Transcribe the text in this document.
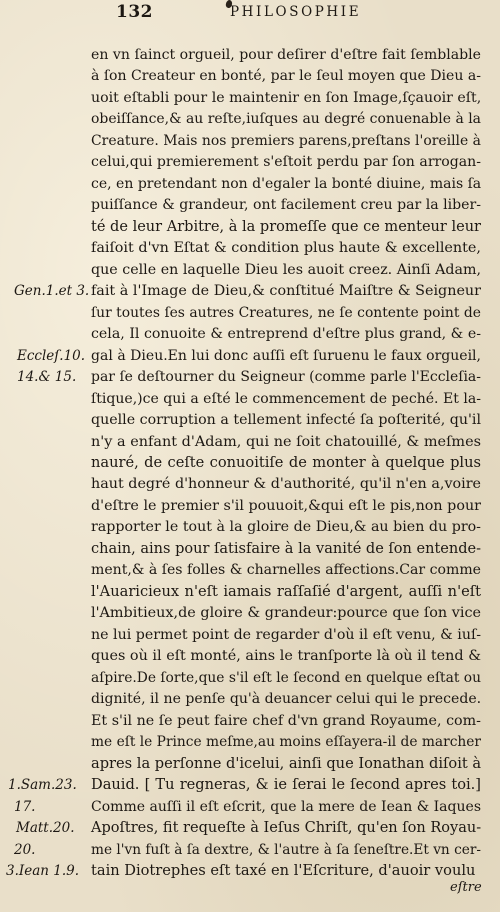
132	PHILOSOPHIE
en vn ſainct orgueil, pour deſirer d'eſtre fait ſemblable
à ſon Createur en bonté, par le ſeul moyen que Dieu a-
uoit eſtabli pour le maintenir en ſon Image,ſçauoir eſt,
obeiſſance,& au reſte,iuſques au degré conuenable à la
Creature. Mais nos premiers parens,preſtans l'oreille à
celui,qui premierement s'eſtoit perdu par ſon arrogan-
ce, en pretendant non d'egaler la bonté diuine, mais ſa
puiſſance & grandeur, ont facilement creu par la liber-
té de leur Arbitre, à la promeſſe que ce menteur leur
faiſoit d'vn Eſtat & condition plus haute & excellente,
que celle en laquelle Dieu les auoit creez. Ainſi Adam,
fait à l'Image de Dieu,& conſtitué Maiſtre & Seigneur
ſur toutes ſes autres Creatures, ne ſe contente point de
cela, Il conuoite & entreprend d'eſtre plus grand, & e-
gal à Dieu.En lui donc auſſi eſt ſuruenu le faux orgueil,
par ſe deſtourner du Seigneur (comme parle l'Eccleſia-
ſtique,)ce qui a eſté le commencement de peché. Et la-
quelle corruption a tellement infecté ſa poſterité, qu'il
n'y a enfant d'Adam, qui ne ſoit chatouillé, & meſmes
nauré, de ceſte conuoitiſe de monter à quelque plus
haut degré d'honneur & d'authorité, qu'il n'en a,voire
d'eſtre le premier s'il pouuoit,&qui eſt le pis,non pour
rapporter le tout à la gloire de Dieu,& au bien du pro-
chain, ains pour ſatisfaire à la vanité de ſon entende-
ment,& à ſes folles & charnelles affections.Car comme
l'Auaricieux n'eſt iamais raſſaſié d'argent, auſſi n'eſt
l'Ambitieux,de gloire & grandeur:pource que ſon vice
ne lui permet point de regarder d'où il eſt venu, & iuſ-
ques où il eſt monté, ains le tranſporte là où il tend &
aſpire.De ſorte,que s'il eſt le ſecond en quelque eſtat ou
dignité, il ne penſe qu'à deuancer celui qui le precede.
Et s'il ne ſe peut faire chef d'vn grand Royaume, com-
me eſt le Prince meſme,au moins eſſayera-il de marcher
apres la perſonne d'icelui, ainſi que Ionathan diſoit à
Dauid. [ Tu regneras, & ie ſerai le ſecond apres toi.]
Comme auſſi il eſt eſcrit, que la mere de Iean & Iaques
Apoſtres, fit requeſte à Ieſus Chriſt, qu'en ſon Royau-
me l'vn fuſt à ſa dextre, & l'autre à ſa ſeneſtre.Et vn cer-
tain Diotrephes eſt taxé en l'Eſcriture, d'auoir voulu
eſtre
Gen.1.et 3.
Eccleſ.10.
14.& 15.
1.Sam.23.
17.
Matt.20.
20.
3.Iean 1.9.
